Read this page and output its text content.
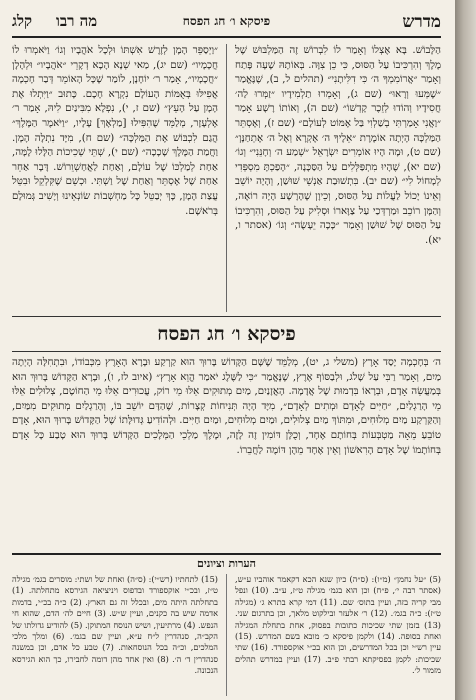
מדרש
פיסקא ו׳ חג הפסח
מה רבו
קלג

הַלָּבוֹשׁ. בָּא אֶצְלוֹ וְאָמַר לוֹ לִבְרוֹשׁ זֶה הַמַּלְבּוּשׁ שֶׁל מֶלֶךְ וְהִרְכִּיבוֹ עַל הַסּוּס, כִּי כֵן צִוָּה. בְּאוֹתָהּ שָׁעָה פָּתַח וְאָמַר ״אֲרוֹמִמְךָ ה׳ כִּי דִלִּיתָנִי״ (תהלים ל, ב), שֶׁנֶּאֱמַר ״שֶׁמְּעוּ וְרָאוּ״ (שם ג), וְאָמְרוּ תַלְמִידָיו ״זַמְּרוּ לַה׳ חֲסִידָיו וְהוֹדוּ לְזֵכֶר קָדְשׁוֹ״ (שם ה), וְאוֹתוֹ רָשָׁע אָמַר ״וַאֲנִי אָמַרְתִּי בְשַׁלְוִי בַּל אֶמּוֹט לְעוֹלָם״ (שם ז), וְאֶסְתֵּר הַמַּלְכָּה הָיְתָה אוֹמֶרֶת ״אֵלֶיךָ ה׳ אֶקְרָא וְאֶל ה׳ אֶתְחַנָּן״ (שם ט), וּמָה הָיוּ אוֹמְרִים יִשְׂרָאֵל ״שְׁמַע ה׳ וְחָנֵּנִי״ וְגוֹ׳ (שם יא), שֶׁהָיוּ מִתְפַּלְּלִים עַל הַסַּכָּנָה, ״הָפַכְתָּ מִסְפְּדִי לְמָחוֹל לִי״ (שם יב). בִּתְשׁוּבַת אַנְשֵׁי שׁוּשַׁן, וְהָיָה יוֹשֵׁב וְאֵינוֹ יָכוֹל לַעֲלוֹת עַל הַסּוּס, וְכֵיוָן שֶׁהָרָשָׁע הָיָה רוֹאֶה, וְהַמָּן רוֹכֵב וּמַרְדְּכַי עַל צַוָּארוֹ וּסְלִיק עַל הַסּוּס, וְהִרְכִּיבוֹ עַל הַסּוּס שֶׁל שׁוּשַׁן וְאָמַר ״כָּכָה יֵעָשֶׂה״ וְגוֹ׳ (אסתר ו, יא).

״וַיְסַפֵּר הָמָן לְזֶרֶשׁ אִשְׁתּוֹ וּלְכָל אֹהֲבָיו וְגוֹ׳ וַיֹּאמְרוּ לוֹ חֲכָמָיו״ (שם יג), מַאי שְׁנָא הָכָא דְקָרֵי ״אֹהֲבָיו״ וּלְהָלָן ״חֲכָמָיו״, אָמַר ר׳ יוֹחָנָן, לוֹמַר שֶׁכָּל הָאוֹמֵר דְּבַר חָכְמָה אֲפִילּוּ בְּאֻמּוֹת הָעוֹלָם נִקְרָא חָכָם. כָּתוּב ״וַיִּתְלוּ אֶת הָמָן עַל הָעֵץ״ (שם ז, י), נִפְלָא מִבִּינַיִם לִיהּ, אָמַר ר׳ אֶלְעָזָר, מְלַמֵּד שֶׁהִפִּילוּ [מַלְאָךְ] עָלָיו, ״וַיֹּאמֶר הַמֶּלֶךְ״ הֲגַם לִכְבּוֹשׁ אֶת הַמַּלְכָּה״ (שם ח), מִיָּד נִתְלָה הָמָן. וַחֲמַת הַמֶּלֶךְ שָׁכָכָה״ (שם י), שְׁתֵּי שְׁכִיכוֹת הַלָּלוּ לָמָּה, אַחַת לְמַלְכּוֹ שֶׁל עוֹלָם, וְאַחַת לַאֲחַשְׁוֵרוֹשׁ. דָּבָר אַחֵר אַחַת שֶׁל אֶסְתֵּר וְאַחַת שֶׁל וַשְׁתִּי. וּכְשֵׁם שֶׁקִּלְקֵל וּבִטֵּל עֲצַת הָמָן, כָּךְ יְבַטֵּל כָּל מַחְשְׁבוֹת שׂוֹנְאֵינוּ וְיָשִׁיב גְּמוּלָם בְּרֹאשָׁם.

פיסקא ו׳ חג הפסח

ה׳ בְּחָכְמָה יָסַד אָרֶץ (משלי ג, יט), מְלַמֵּד שֶׁשָּׁם הַקָּדוֹשׁ בָּרוּךְ הוּא קַרְקַע וּבָרָא הָאָרֶץ מִכְּבוֹדוֹ, וּבִתְחִלָּה הָיְתָה מַיִם, וְאָמַר רַבִּי עַל שָׁלֹג, וּלְבַסּוֹף אֶרֶץ, שֶׁנֶּאֱמַר ״כִּי לַשֶּׁלֶג יֹאמַר הֱוֵא אָרֶץ״ (איוב לז, ו), וּבָרָא הַקָּדוֹשׁ בָּרוּךְ הוּא בְּמַעֲשֵׂה אָדָם, וּבְרָאוֹ בִּדְמוּת שֶׁל אֲדָמָה. הָאֲזָנַיִם, מַיִם מְתוּקִים אֵלּוּ מֵי רוֹק, עֲכוּרִים אֵלּוּ מֵי הַחוֹטֶם, צְלוּלִים אֵלּוּ מֵי הָרַגְלַיִם, ״חַיִּים לָאָדָם וּמְתִים לְאָדָם״, מִיָּד הָיָה תְּנִיחוֹת קְצָרוֹת, שֶׁהַדָּם יוֹשֵׁב בּוֹ, וְהָרַגְלַיִם מְתוּקִים מִמַּיִם, וְהַקַּרְקַע מַיִם מְלוּחִים, וּמִתּוֹךְ מַיִם צְלוּלִים, וּמַיִם מְלוּחִים, וּמַיִם חַיִּים. וּלְהוֹדִיעַ גְּדוּלָּתוֹ שֶׁל הַקָּדוֹשׁ בָּרוּךְ הוּא, אָדָם טוֹבֵעַ מֵאָה מַטְבְּעוֹת בְּחוֹתָם אֶחָד, וְכֻלָּן דּוֹמִין זֶה לָזֶה, וּמֶלֶךְ מַלְכֵי הַמְּלָכִים הַקָּדוֹשׁ בָּרוּךְ הוּא טָבַע כָּל אָדָם בְּחוֹתָמוֹ שֶׁל אָדָם הָרִאשׁוֹן וְאֵין אֶחָד מֵהֶן דּוֹמֶה לַחֲבֵרוֹ.

הערות וציונים

(5) ״על נחמן״ (מ״ו): (ס״ה) כיון שנא הכא דקאמר אוהביו ע״ש, (אסתר רבה י׳, פ״ח) וכן הוא בגמ׳ מגילה ט״ז, ע״ב. (10) ונפל מבי קריה בזה, ועיין בתוס׳ שם. (11) דמי קרא בתרא ג׳ (מגילה ט״ז): כ״ה בגמ׳. (12) ר׳ אלעזר ובילקוט מלאך, וכן בתרגום שני. (13) בזמן שתי שכיכות כתובות בפסוק, אחת בתחלת המגילה ואחת בסופה. (14) ולקמן פיסקא כ׳ מובא בשם המדרש. (15) עיין רש״י וכן בכל המדרשים, וכן הוא בכ״י אוקספורד. (16) שתי שכיכות: לקמן בפסיקתא רבתי פ״ב. (17) ועיין במדרש תהלים מזמור ל׳.

(15) לתחתיו (רש״י): (ס״ה) ואחת של ושתי: מוסרים בגמ׳ מגילה ט״ז, ובכ״י אוקספורד ובדפוס ויניציאה הגירסא מתחלתה. (1) בתחלתה היתה מים, ובכלל זה גם הארץ. (2) כ״ה בכ״י, בדמות אדמה שיש בה כקנים, ועיין ש״ש. (3) חיים לה׳ הדם, שהוא חי הנפש. (4) מרתיעין, ושיש הנוסח המתוקן. (5) להודיע גדולתו של הקב״ה, סנהדרין ל״ח ע״א, ועיין שם בגמ׳. (6) ומלך מלכי המלכים, וכ״ה בכל הנוסחאות. (7) טבע כל אדם, וכן במשנה סנהדרין ד׳ ה׳. (8) ואין אחד מהן דומה לחבירו, כך הוא הגירסא הנכונה.
